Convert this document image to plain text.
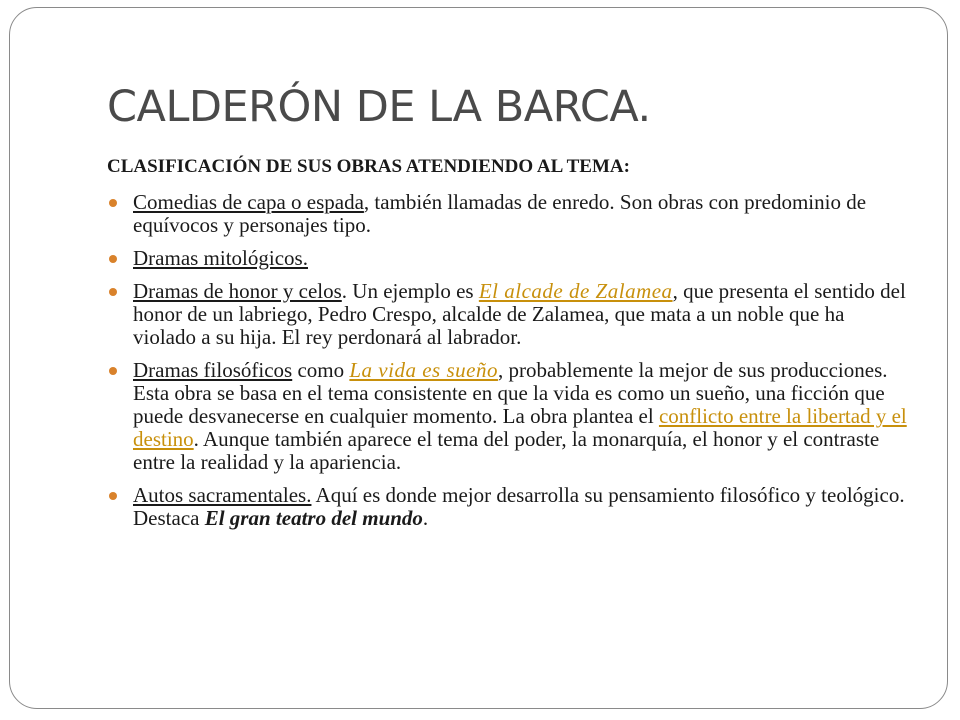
CALDERÓN DE LA BARCA.
CLASIFICACIÓN DE SUS OBRAS ATENDIENDO AL TEMA:
Comedias de capa o espada, también llamadas de enredo. Son obras con predominio de equívocos y personajes tipo.
Dramas mitológicos.
Dramas de honor y celos. Un ejemplo es El alcade de Zalamea, que presenta el sentido del honor de un labriego, Pedro Crespo, alcalde de Zalamea, que mata a un noble que ha violado a su hija. El rey perdonará al labrador.
Dramas filosóficos como La vida es sueño, probablemente la mejor de sus producciones. Esta obra se basa en el tema consistente en que la vida es como un sueño, una ficción que puede desvanecerse en cualquier momento. La obra plantea el conflicto entre la libertad y el destino. Aunque también aparece el tema del poder, la monarquía, el honor y el contraste entre la realidad y la apariencia.
Autos sacramentales. Aquí es donde mejor desarrolla su pensamiento filosófico y teológico. Destaca El gran teatro del mundo.
